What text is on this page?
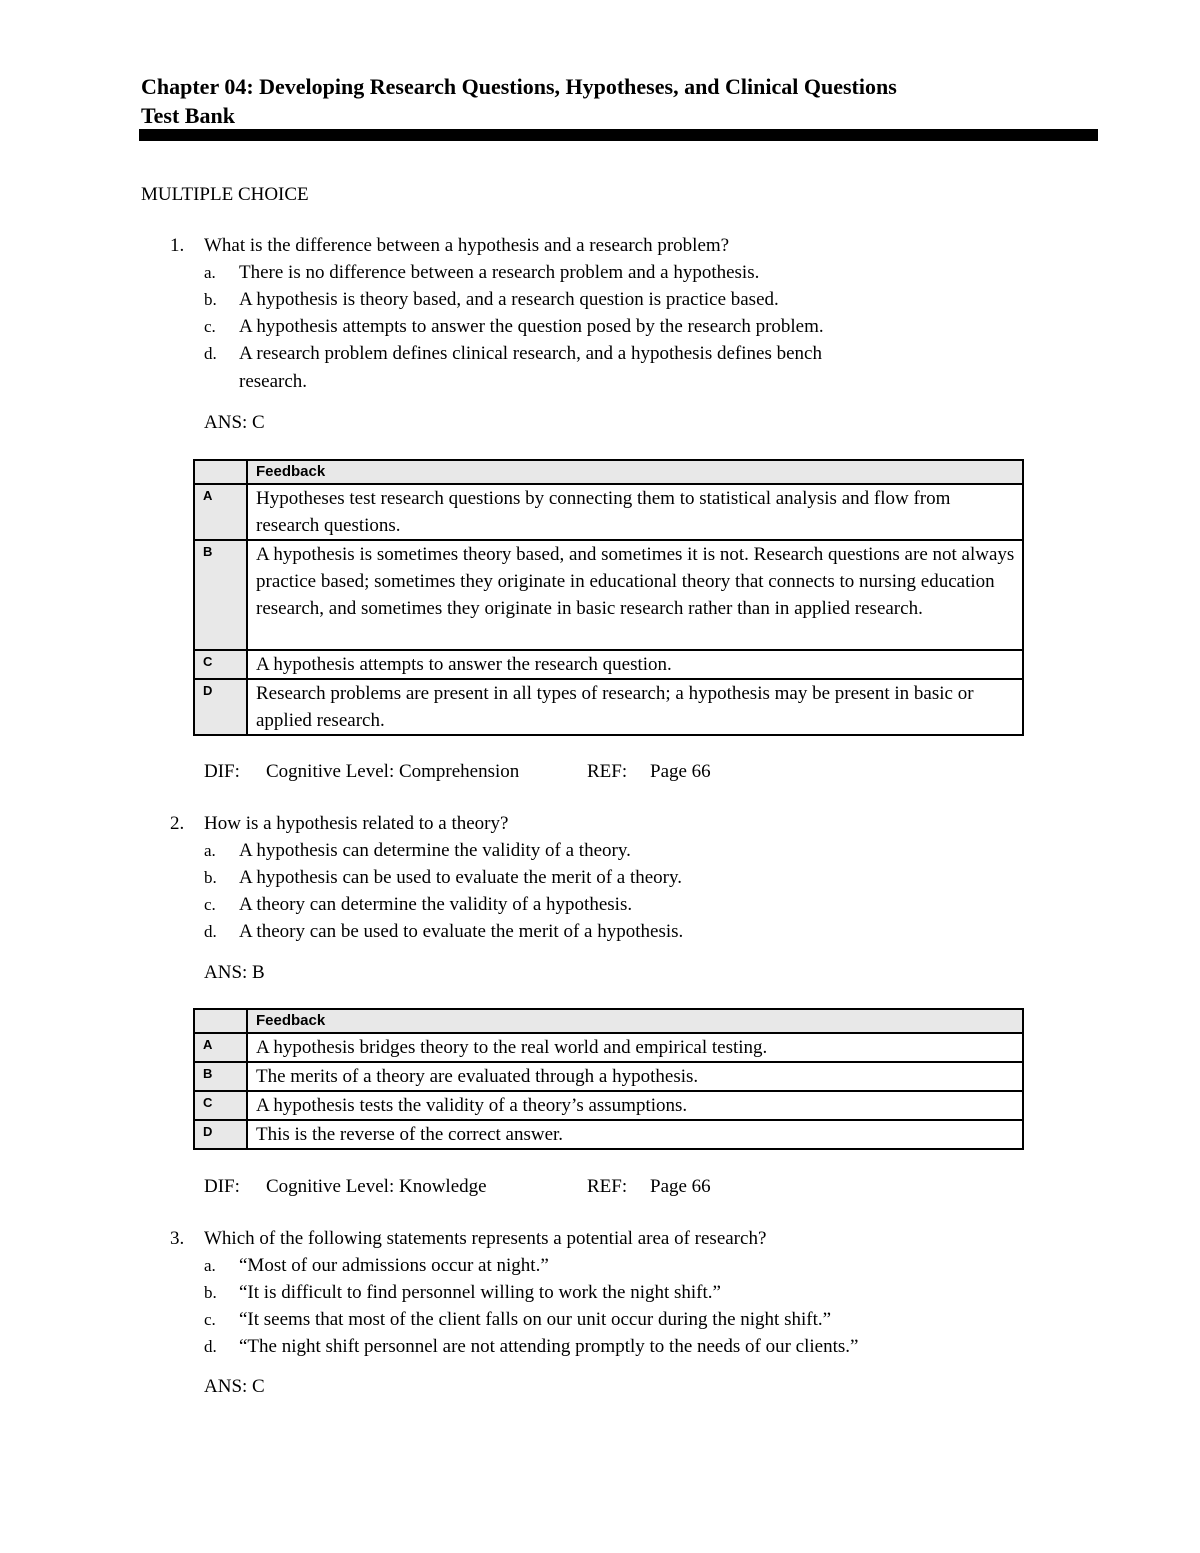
Chapter 04: Developing Research Questions, Hypotheses, and Clinical Questions
Test Bank
MULTIPLE CHOICE
1. What is the difference between a hypothesis and a research problem?
a. There is no difference between a research problem and a hypothesis.
b. A hypothesis is theory based, and a research question is practice based.
c. A hypothesis attempts to answer the question posed by the research problem.
d. A research problem defines clinical research, and a hypothesis defines bench
research.
ANS: C
	Feedback
A	Hypotheses test research questions by connecting them to statistical analysis and flow from research questions.
B	A hypothesis is sometimes theory based, and sometimes it is not. Research questions are not always practice based; sometimes they originate in educational theory that connects to nursing education research, and sometimes they originate in basic research rather than in applied research.
C	A hypothesis attempts to answer the research question.
D	Research problems are present in all types of research; a hypothesis may be present in basic or applied research.
DIF: Cognitive Level: Comprehension	REF: Page 66
2. How is a hypothesis related to a theory?
a. A hypothesis can determine the validity of a theory.
b. A hypothesis can be used to evaluate the merit of a theory.
c. A theory can determine the validity of a hypothesis.
d. A theory can be used to evaluate the merit of a hypothesis.
ANS: B
	Feedback
A	A hypothesis bridges theory to the real world and empirical testing.
B	The merits of a theory are evaluated through a hypothesis.
C	A hypothesis tests the validity of a theory’s assumptions.
D	This is the reverse of the correct answer.
DIF: Cognitive Level: Knowledge	REF: Page 66
3. Which of the following statements represents a potential area of research?
a. “Most of our admissions occur at night.”
b. “It is difficult to find personnel willing to work the night shift.”
c. “It seems that most of the client falls on our unit occur during the night shift.”
d. “The night shift personnel are not attending promptly to the needs of our clients.”
ANS: C
